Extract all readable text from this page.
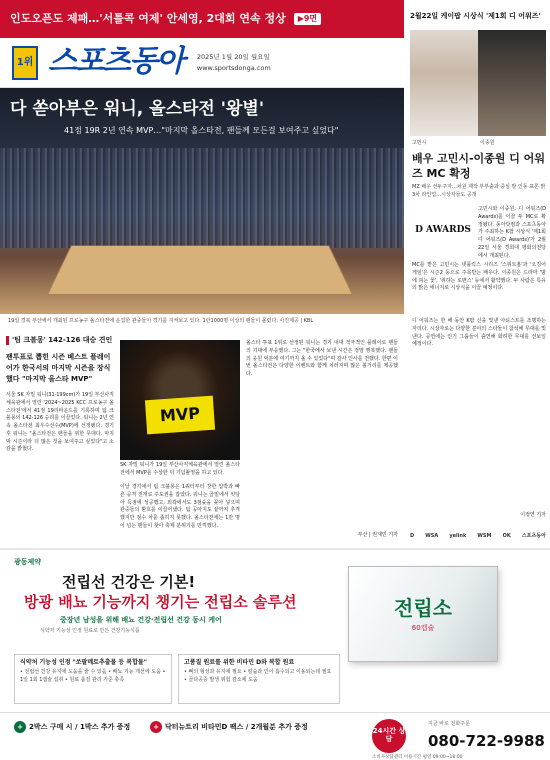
인도오픈도 제패…'서틀콕 여제' 안세영, 2대회 연속 정상	▶9면
1위 스포츠동아 2025년 1월 20일 월요일
www.sportsdonga.com
다 쏟아부은 워니, 올스타전 '왕별'
41점 19R 2년 연속 MVP…"마지막 올스타전, 팬들께 모든걸 보여주고 싶었다"
19일 경북 부산에서 개최된 프로농구 올스타전에 운집한 관중들이 경기를 지켜보고 있다. 1만1000명 이상의 팬들이 몰렸다. 사진제공 | KBL
'팀 크블몽' 142-126 대승 견인
팬투표로 뽑힌 시즌 베스트 플레이어가 한국서의 마지막 시즌을 장식했다 "마지막 올스타 MVP"
서울 SK 자밀 워니(31·199cm)가 19일 부산사직체육관에서 열린 '2024~2025 KCC 프로농구 올스타전'에서 41점 19리바운드를 기록하며 팀 크블몽의 142-126 승리를 이끌었다. 워니는 2년 연속 올스타전 최우수선수(MVP)에 선정됐다. 경기 후 워니는 "올스타전은 팬들을 위한 무대다. 마지막 시즌이라 더 많은 것을 보여주고 싶었다"고 소감을 밝혔다.
MVP
SK 자밀 워니가 19일 부산사직체육관에서 열린 올스타전에서 MVP를 수상한 뒤 기념촬영을 하고 있다.
이날 경기에서 팀 크블몽은 1쿼터부터 강한 압박과 빠른 공격 전개로 주도권을 잡았다. 워니는 골밑에서 잇달아 득점에 성공했고, 외곽에서도 3점슛을 꽂아 넣으며 관중들의 환호를 이끌어냈다. 팀 공아지도 끝까지 추격했지만 점수 차를 좁히지 못했다. 올스타전에는 1만 명이 넘는 팬들이 찾아 축제 분위기를 만끽했다.
올스타 투표 1위로 선정된 워니는 경기 내내 적극적인 플레이로 팬들의 기대에 부응했다. 그는 "한국에서 보낸 시간은 정말 행복했다. 팬들의 응원 덕분에 여기까지 올 수 있었다"며 감사 인사를 전했다. 한편 이번 올스타전은 다양한 이벤트와 함께 치러지며 많은 볼거리를 제공했다.
부산 | 권재민 기자
2월22일 케이팝 시상식 '제1회 디 어워즈'
고민시	이종원
배우 고민시-이종원 디 어워즈 MC 확정
MZ 배우 선두주자…차원 제작 부부출과 중심 발 인동 표론 밝3차 라인업…시상자들도 공개
D AWARDS
고민시와 이종원, 디 어워즈(D Awards)를 이끌 두 MC로 확정됐다. 동아닷컴과 스포츠동아가 주최하는 K팝 시상식 '제1회 디 어워즈(D Awards)'가 2월 22일 서울 경희대 평화의전당에서 개최된다.
MC를 맡은 고민시는 넷플릭스 시리즈 '스위트홈'과 '오징어 게임'은 시즌2 등으로 주목받는 배우다. 이종원은 드라마 '밤에 피는 꽃', '취하는 로맨스' 등에서 활약했다. 두 사람은 특유의 밝은 에너지로 시상식을 이끌 예정이다.
디 어워즈는 한 해 동안 K팝 신을 빛낸 아티스트를 조명하는 자리다. 시상자로는 다양한 분야의 스타들이 참석해 무대를 빛낸다. 공연에는 인기 그룹들이 출연해 화려한 무대를 선보일 예정이다.
이정연 기자
D WSA yelink WSM OK 스포츠동아
광동제약
전립선 건강은 기본!
방광 배뇨 기능까지 챙기는 전립소 솔루션
중장년 남성을 위해 배뇨 건강·전립선 건강 동시 케어
식약처 기능성 인정 원료로 만든 건강기능식품
전립소
60캡슐
식약처 기능성 인정 "쏘팔메토추출물 등 복합물"
• 전립선 건강 유지에 도움을 줄 수 있음 • 배뇨 기능 개선에 도움 • 1일 1회 1캡슐 섭취 • 원료 품질 관리 기준 충족
고품질 원료를 위한 비타민 D와 복합 원료
• 뼈의 형성과 유지에 필요 • 칼슘과 인이 흡수되고 이용되는데 필요 • 골다공증 발생 위험 감소에 도움
+ 2박스 구매 시 / 1박스 추가 증정	+ 닥터뉴트리 비타민D 팩스 / 2개월분 추가 증정
24시간 상담
지금 바로 전화주문
080-722-9988
소비자상담센터 이용시간 평일 09:00~18:00
